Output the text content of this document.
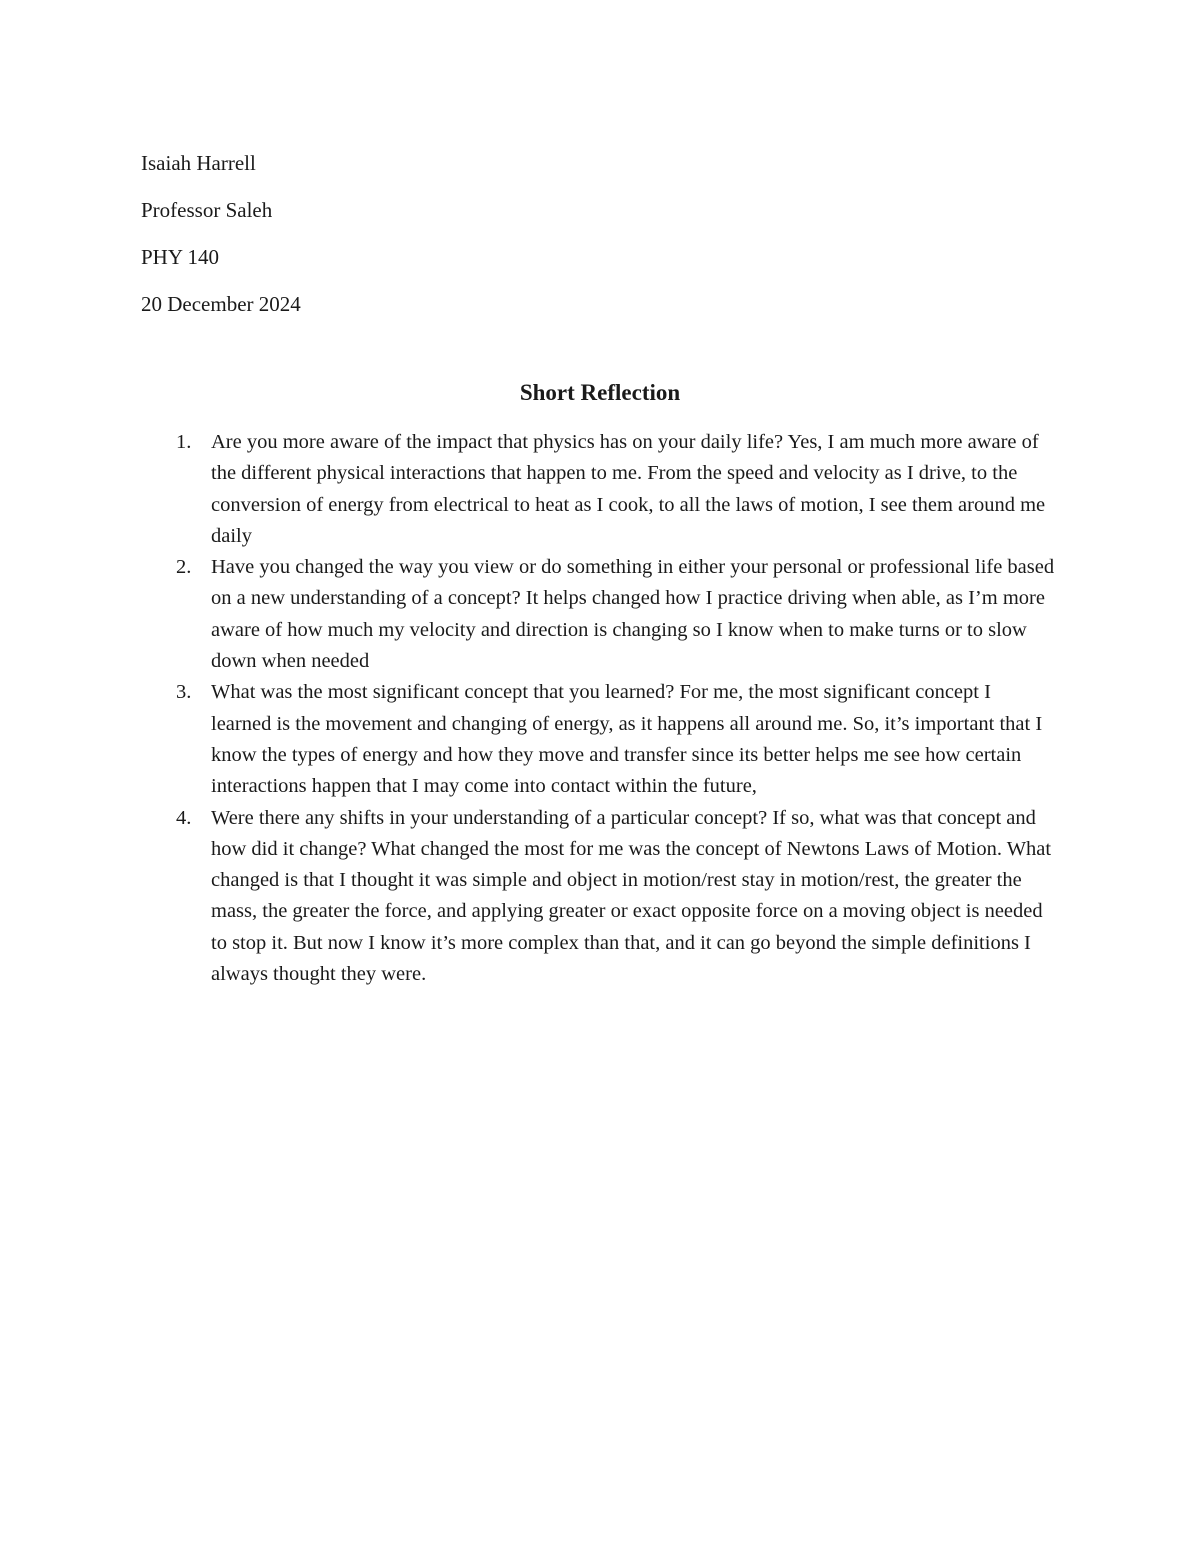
Isaiah Harrell
Professor Saleh
PHY 140
20 December 2024
Short Reflection
1. Are you more aware of the impact that physics has on your daily life? Yes, I am much more aware of the different physical interactions that happen to me. From the speed and velocity as I drive, to the conversion of energy from electrical to heat as I cook, to all the laws of motion, I see them around me daily
2. Have you changed the way you view or do something in either your personal or professional life based on a new understanding of a concept? It helps changed how I practice driving when able, as I’m more aware of how much my velocity and direction is changing so I know when to make turns or to slow down when needed
3. What was the most significant concept that you learned? For me, the most significant concept I learned is the movement and changing of energy, as it happens all around me. So, it’s important that I know the types of energy and how they move and transfer since its better helps me see how certain interactions happen that I may come into contact within the future,
4. Were there any shifts in your understanding of a particular concept? If so, what was that concept and how did it change? What changed the most for me was the concept of Newtons Laws of Motion. What changed is that I thought it was simple and object in motion/rest stay in motion/rest, the greater the mass, the greater the force, and applying greater or exact opposite force on a moving object is needed to stop it. But now I know it’s more complex than that, and it can go beyond the simple definitions I always thought they were.
